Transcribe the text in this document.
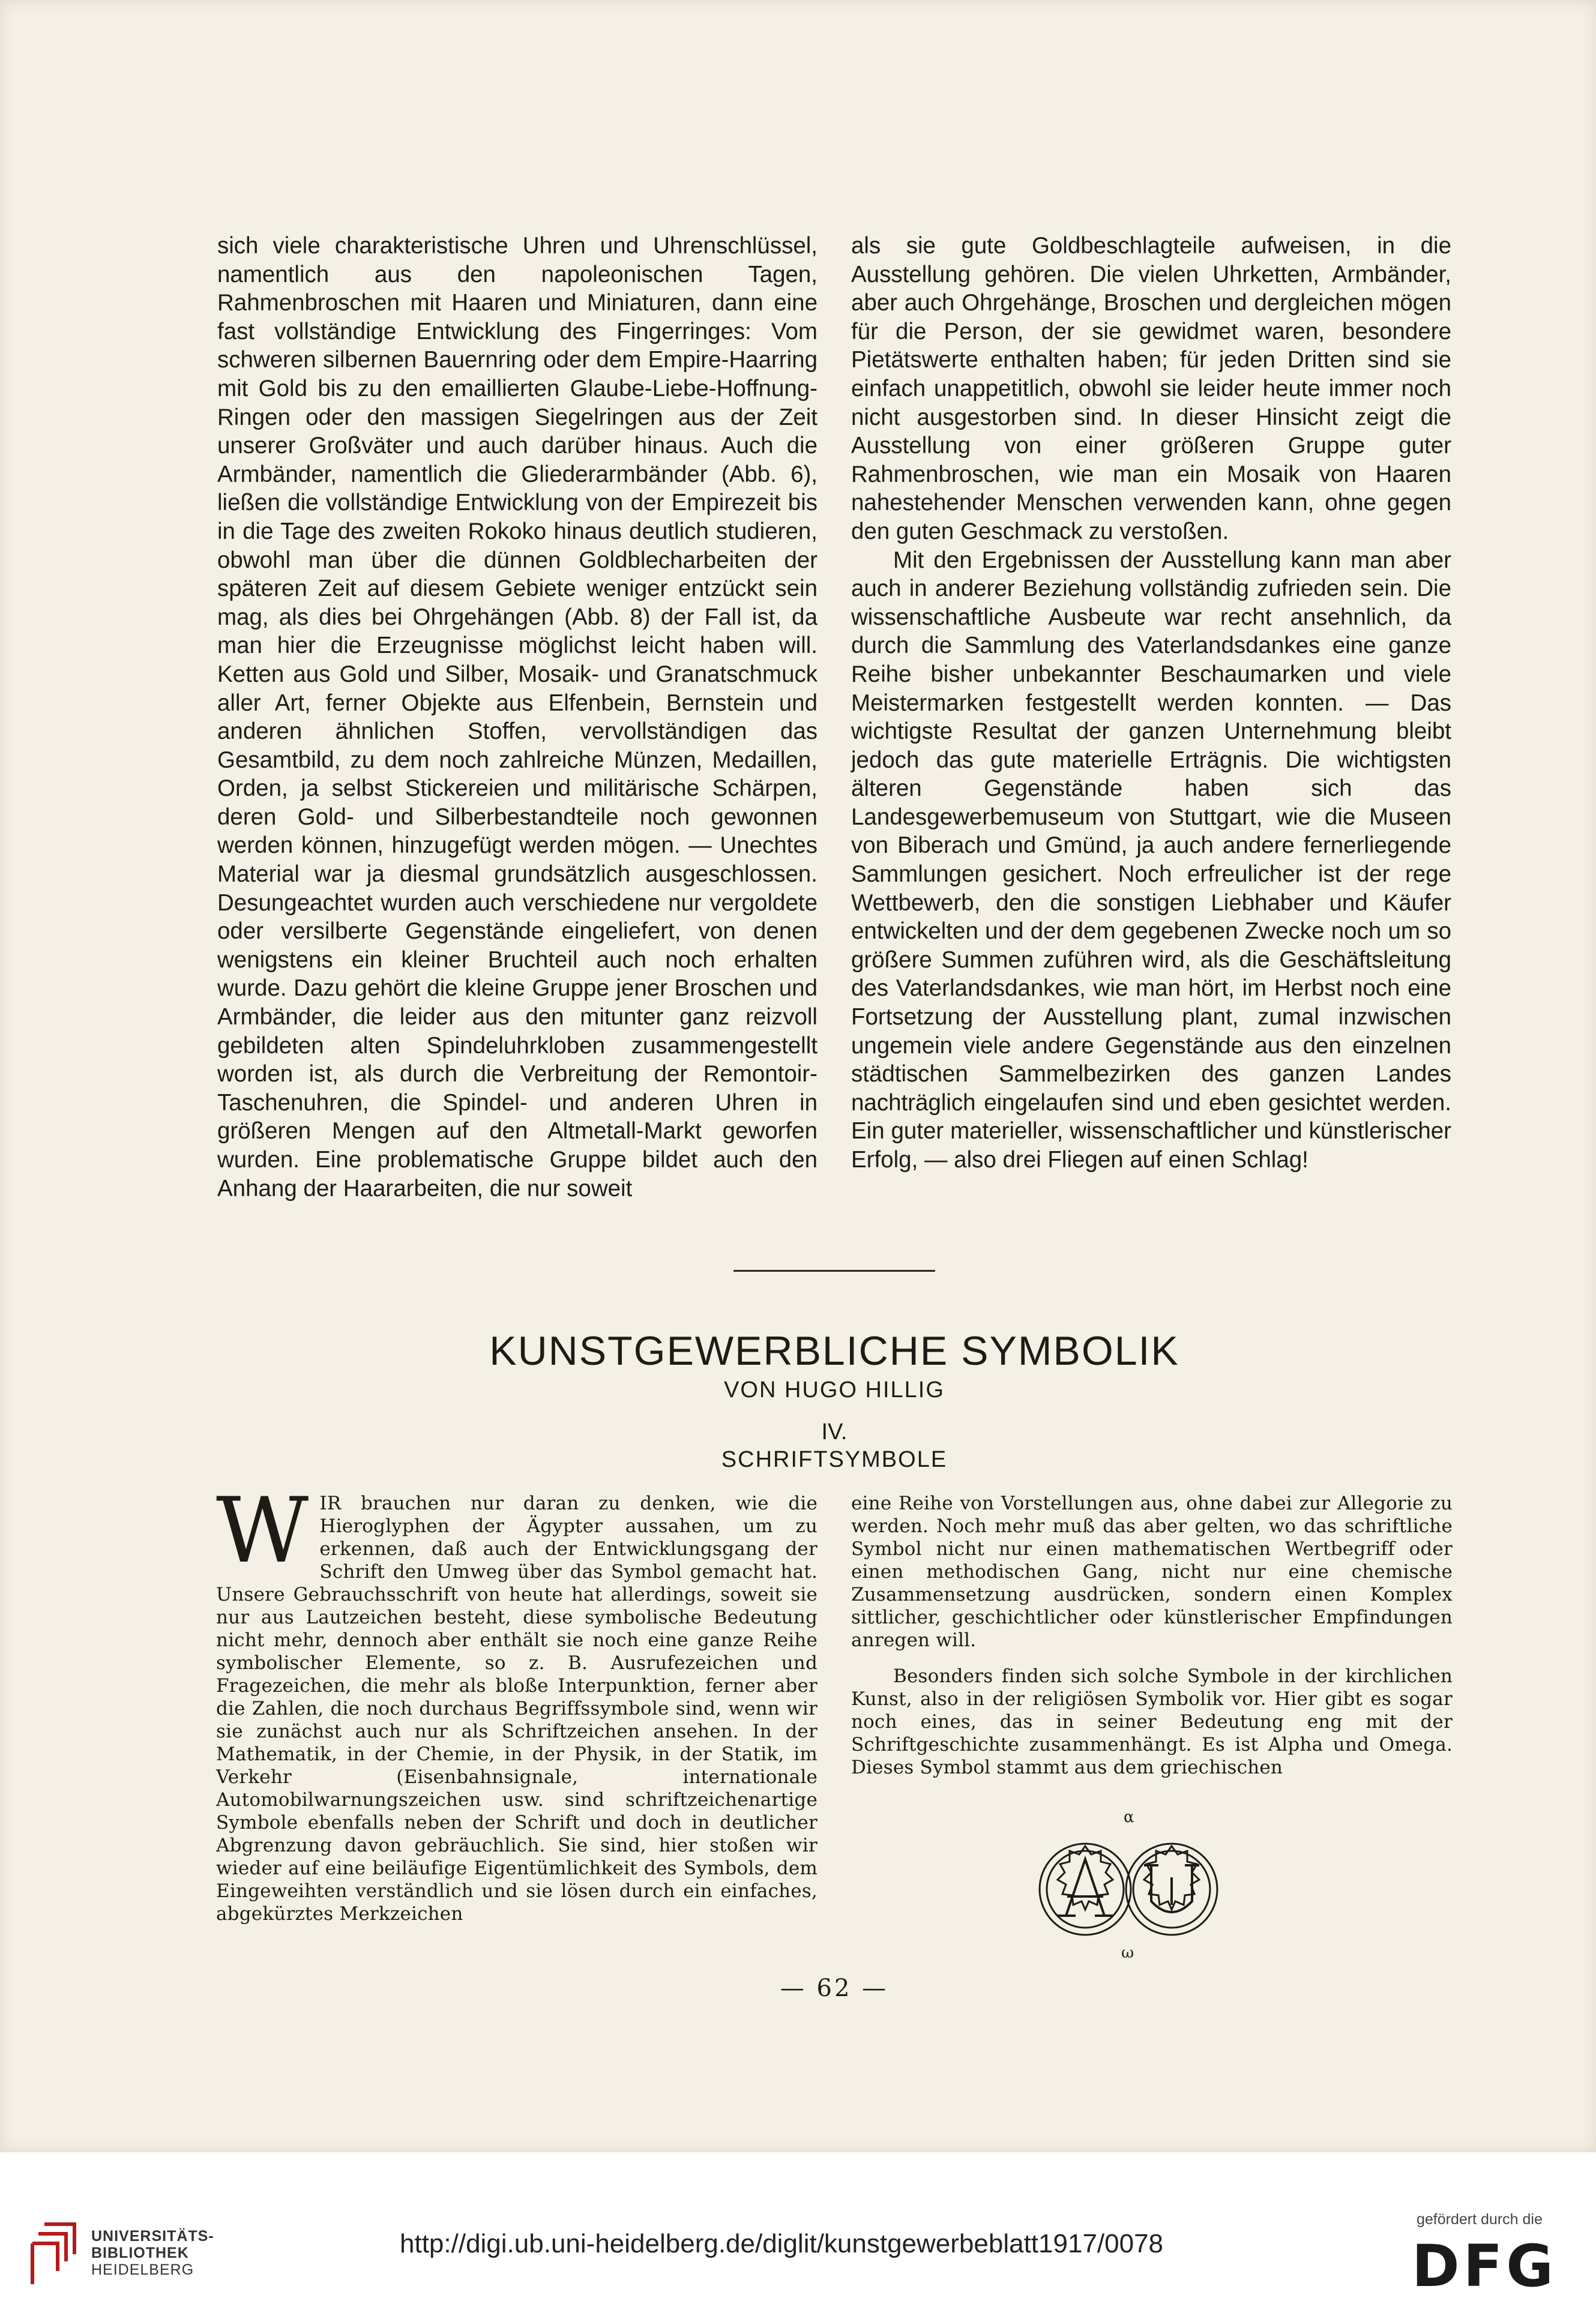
sich viele charakteristische Uhren und Uhrenschlüssel, namentlich aus den napoleonischen Tagen, Rahmenbroschen mit Haaren und Miniaturen, dann eine fast vollständige Entwicklung des Fingerringes: Vom schweren silbernen Bauernring oder dem Empire-Haarring mit Gold bis zu den emaillierten Glaube-Liebe-Hoffnung-Ringen oder den massigen Siegelringen aus der Zeit unserer Großväter und auch darüber hinaus. Auch die Armbänder, namentlich die Gliederarmbänder (Abb. 6), ließen die vollständige Entwicklung von der Empirezeit bis in die Tage des zweiten Rokoko hinaus deutlich studieren, obwohl man über die dünnen Goldblecharbeiten der späteren Zeit auf diesem Gebiete weniger entzückt sein mag, als dies bei Ohrgehängen (Abb. 8) der Fall ist, da man hier die Erzeugnisse möglichst leicht haben will. Ketten aus Gold und Silber, Mosaik- und Granatschmuck aller Art, ferner Objekte aus Elfenbein, Bernstein und anderen ähnlichen Stoffen, vervollständigen das Gesamtbild, zu dem noch zahlreiche Münzen, Medaillen, Orden, ja selbst Stickereien und militärische Schärpen, deren Gold- und Silberbestandteile noch gewonnen werden können, hinzugefügt werden mögen. — Unechtes Material war ja diesmal grundsätzlich ausgeschlossen. Desungeachtet wurden auch verschiedene nur vergoldete oder versilberte Gegenstände eingeliefert, von denen wenigstens ein kleiner Bruchteil auch noch erhalten wurde. Dazu gehört die kleine Gruppe jener Broschen und Armbänder, die leider aus den mitunter ganz reizvoll gebildeten alten Spindeluhrkloben zusammengestellt worden ist, als durch die Verbreitung der Remontoir-Taschenuhren, die Spindel- und anderen Uhren in größeren Mengen auf den Altmetall-Markt geworfen wurden. Eine problematische Gruppe bildet auch den Anhang der Haararbeiten, die nur soweit

als sie gute Goldbeschlagteile aufweisen, in die Ausstellung gehören. Die vielen Uhrketten, Armbänder, aber auch Ohrgehänge, Broschen und dergleichen mögen für die Person, der sie gewidmet waren, besondere Pietätswerte enthalten haben; für jeden Dritten sind sie einfach unappetitlich, obwohl sie leider heute immer noch nicht ausgestorben sind. In dieser Hinsicht zeigt die Ausstellung von einer größeren Gruppe guter Rahmenbroschen, wie man ein Mosaik von Haaren nahestehender Menschen verwenden kann, ohne gegen den guten Geschmack zu verstoßen.

Mit den Ergebnissen der Ausstellung kann man aber auch in anderer Beziehung vollständig zufrieden sein. Die wissenschaftliche Ausbeute war recht ansehnlich, da durch die Sammlung des Vaterlandsdankes eine ganze Reihe bisher unbekannter Beschaumarken und viele Meistermarken festgestellt werden konnten. — Das wichtigste Resultat der ganzen Unternehmung bleibt jedoch das gute materielle Erträgnis. Die wichtigsten älteren Gegenstände haben sich das Landesgewerbemuseum von Stuttgart, wie die Museen von Biberach und Gmünd, ja auch andere fernerliegende Sammlungen gesichert. Noch erfreulicher ist der rege Wettbewerb, den die sonstigen Liebhaber und Käufer entwickelten und der dem gegebenen Zwecke noch um so größere Summen zuführen wird, als die Geschäftsleitung des Vaterlandsdankes, wie man hört, im Herbst noch eine Fortsetzung der Ausstellung plant, zumal inzwischen ungemein viele andere Gegenstände aus den einzelnen städtischen Sammelbezirken des ganzen Landes nachträglich eingelaufen sind und eben gesichtet werden. Ein guter materieller, wissenschaftlicher und künstlerischer Erfolg, — also drei Fliegen auf einen Schlag!

KUNSTGEWERBLICHE SYMBOLIK
VON HUGO HILLIG
IV.
SCHRIFTSYMBOLE
W IR brauchen nur daran zu denken, wie die Hieroglyphen der Ägypter aussahen, um zu erkennen, daß auch der Entwicklungsgang der Schrift den Umweg über das Symbol gemacht hat. Unsere Gebrauchsschrift von heute hat allerdings, soweit sie nur aus Lautzeichen besteht, diese symbolische Bedeutung nicht mehr, dennoch aber enthält sie noch eine ganze Reihe symbolischer Elemente, so z. B. Ausrufezeichen und Fragezeichen, die mehr als bloße Interpunktion, ferner aber die Zahlen, die noch durchaus Begriffssymbole sind, wenn wir sie zunächst auch nur als Schriftzeichen ansehen. In der Mathematik, in der Chemie, in der Physik, in der Statik, im Verkehr (Eisenbahnsignale, internationale Automobilwarnungszeichen usw. sind schriftzeichenartige Symbole ebenfalls neben der Schrift und doch in deutlicher Abgrenzung davon gebräuchlich. Sie sind, hier stoßen wir wieder auf eine beiläufige Eigentümlichkeit des Symbols, dem Eingeweihten verständlich und sie lösen durch ein einfaches, abgekürztes Merkzeichen

eine Reihe von Vorstellungen aus, ohne dabei zur Allegorie zu werden. Noch mehr muß das aber gelten, wo das schriftliche Symbol nicht nur einen mathematischen Wertbegriff oder einen methodischen Gang, nicht nur eine chemische Zusammensetzung ausdrücken, sondern einen Komplex sittlicher, geschichtlicher oder künstlerischer Empfindungen anregen will.

Besonders finden sich solche Symbole in der kirchlichen Kunst, also in der religiösen Symbolik vor. Hier gibt es sogar noch eines, das in seiner Bedeutung eng mit der Schriftgeschichte zusammenhängt. Es ist Alpha und Omega. Dieses Symbol stammt aus dem griechischen

α
ω
— 62 —
UNIVERSITÄTS-
BIBLIOTHEK
HEIDELBERG
http://digi.ub.uni-heidelberg.de/diglit/kunstgewerbeblatt1917/0078
gefördert durch die
DFG
